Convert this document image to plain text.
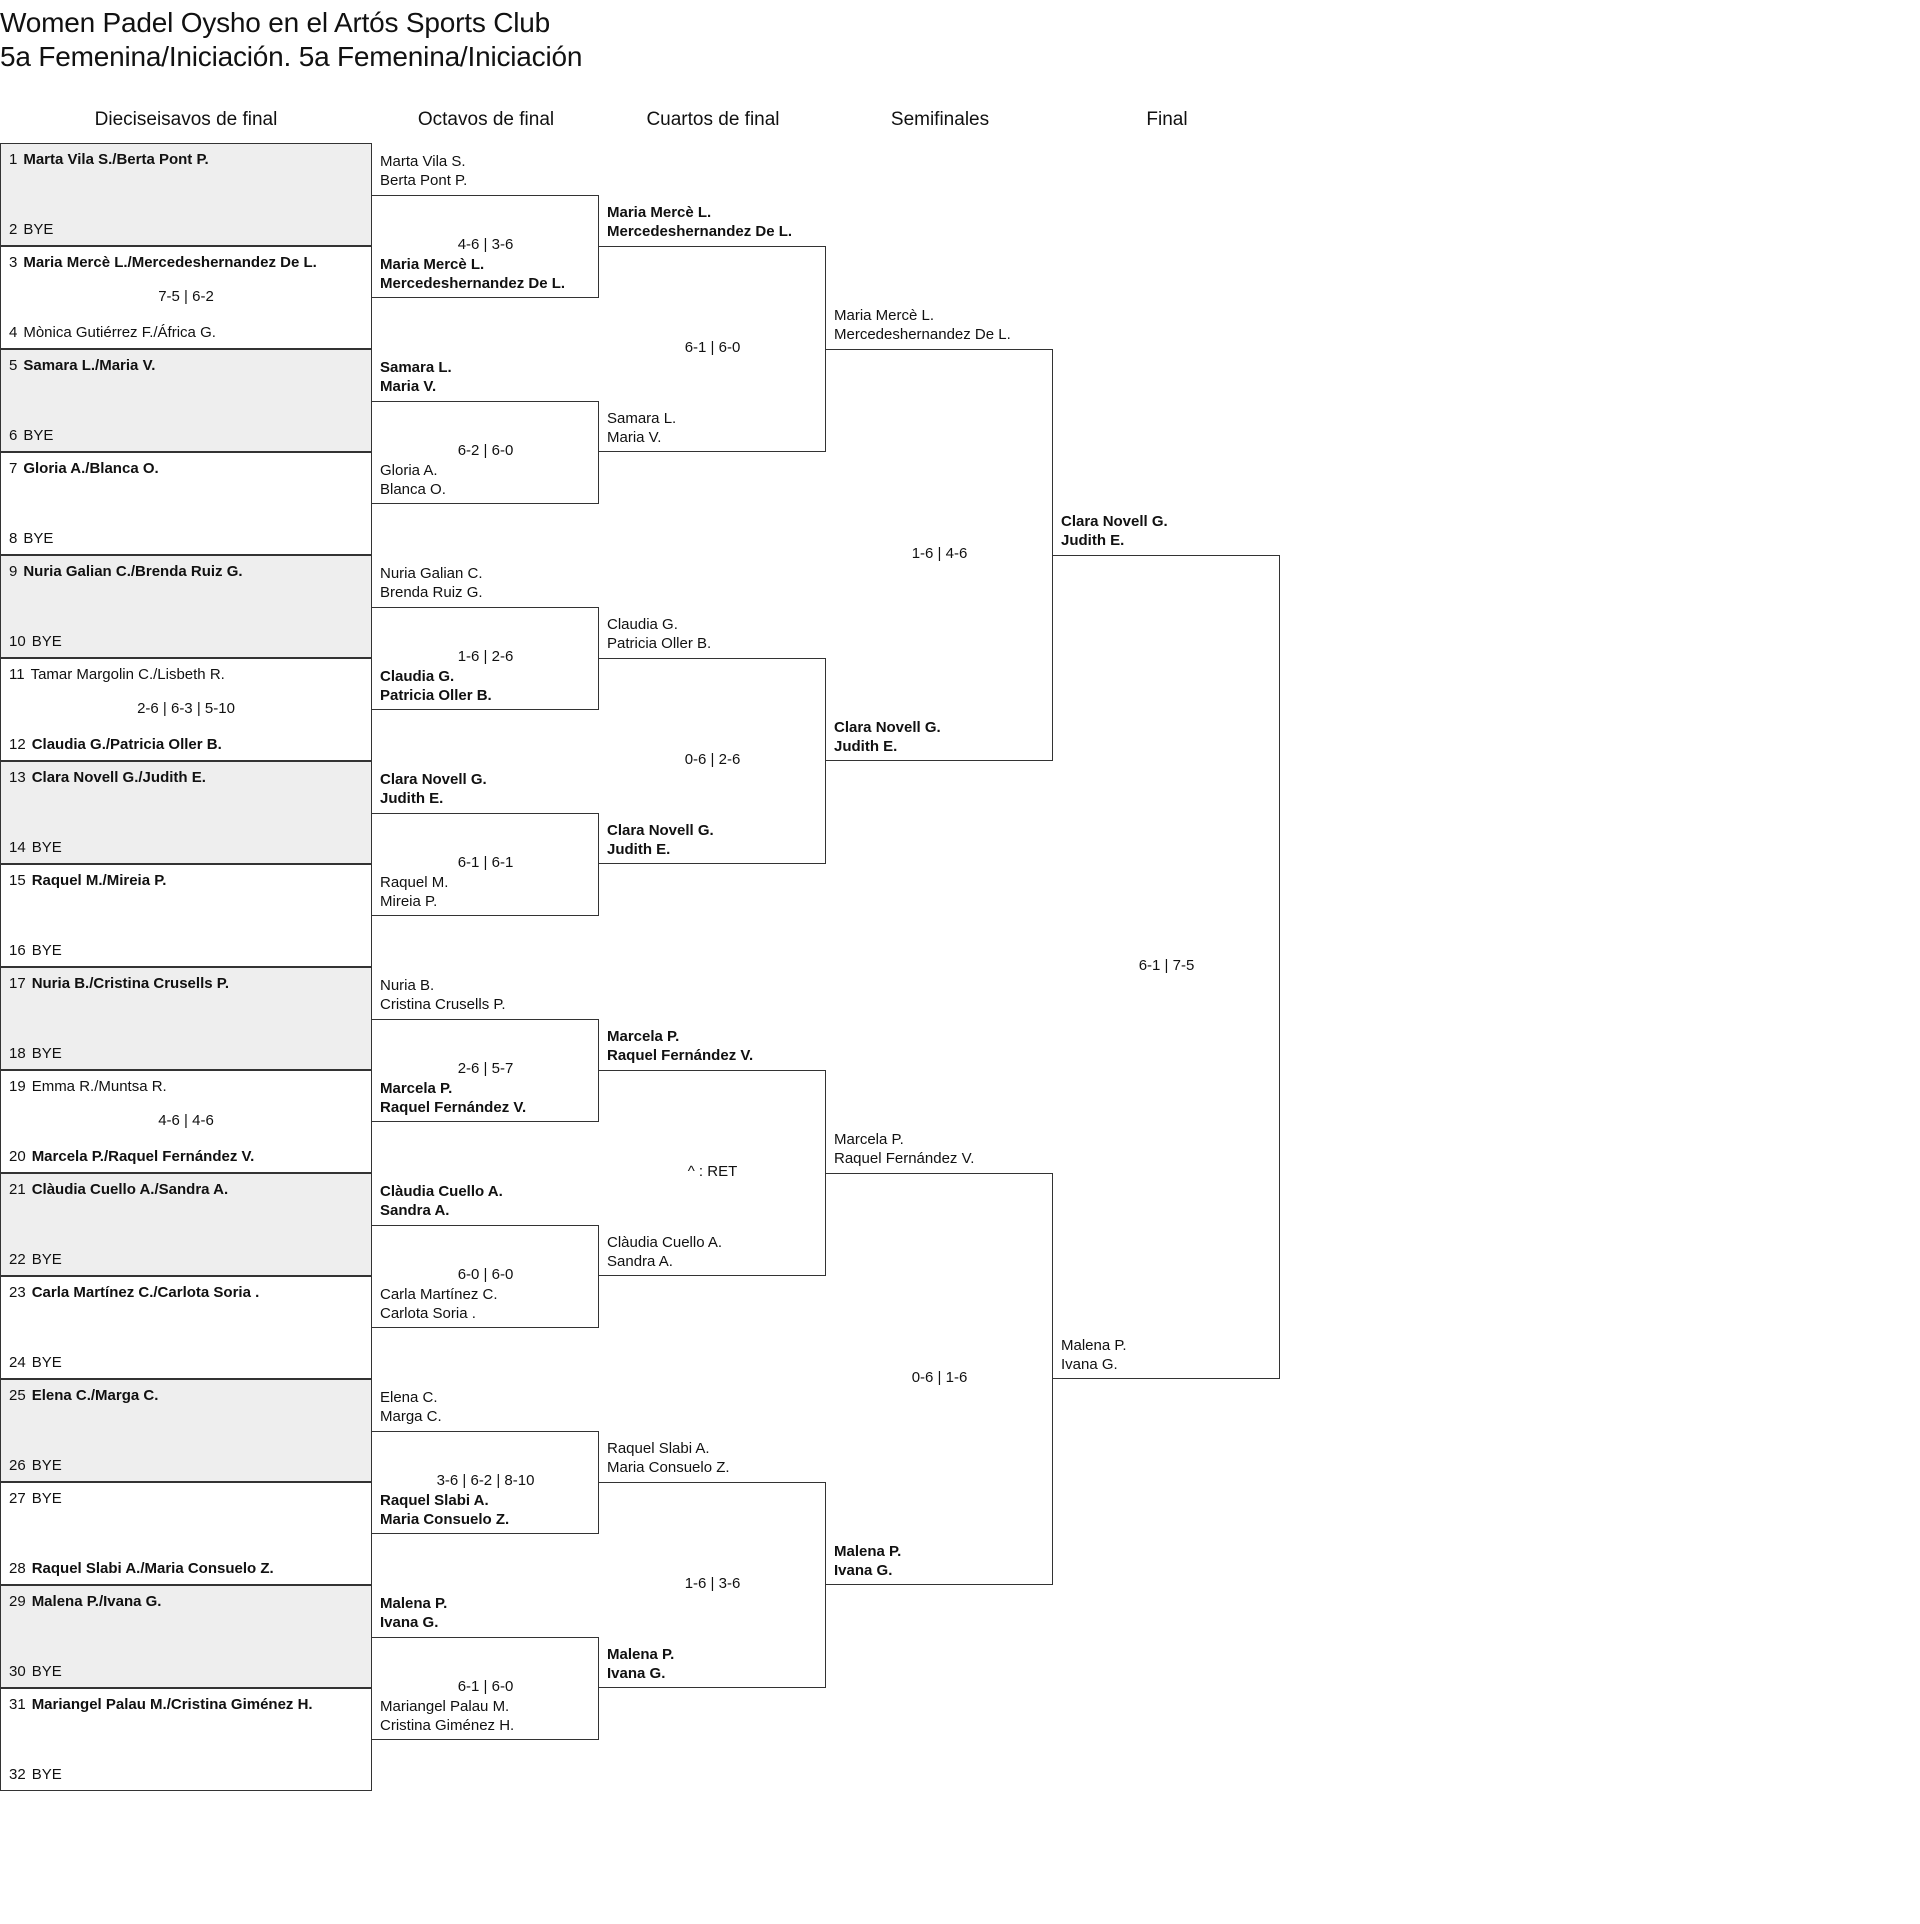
Women Padel Oysho en el Artós Sports Club
5a Femenina/Iniciación. 5a Femenina/Iniciación
Dieciseisavos de final	Octavos de final	Cuartos de final	Semifinales	Final
1 Marta Vila S./Berta Pont P.
2 BYE
3 Maria Mercè L./Mercedeshernandez De L.
7-5 | 6-2
4 Mònica Gutiérrez F./África G.
5 Samara L./Maria V.
6 BYE
7 Gloria A./Blanca O.
8 BYE
9 Nuria Galian C./Brenda Ruiz G.
10 BYE
11 Tamar Margolin C./Lisbeth R.
2-6 | 6-3 | 5-10
12 Claudia G./Patricia Oller B.
13 Clara Novell G./Judith E.
14 BYE
15 Raquel M./Mireia P.
16 BYE
17 Nuria B./Cristina Crusells P.
18 BYE
19 Emma R./Muntsa R.
4-6 | 4-6
20 Marcela P./Raquel Fernández V.
21 Clàudia Cuello A./Sandra A.
22 BYE
23 Carla Martínez C./Carlota Soria .
24 BYE
25 Elena C./Marga C.
26 BYE
27 BYE
28 Raquel Slabi A./Maria Consuelo Z.
29 Malena P./Ivana G.
30 BYE
31 Mariangel Palau M./Cristina Giménez H.
32 BYE
Marta Vila S.
Berta Pont P.
Maria Mercè L.
Mercedeshernandez De L.
4-6 | 3-6
Samara L.
Maria V.
Gloria A.
Blanca O.
6-2 | 6-0
Nuria Galian C.
Brenda Ruiz G.
Claudia G.
Patricia Oller B.
1-6 | 2-6
Clara Novell G.
Judith E.
Raquel M.
Mireia P.
6-1 | 6-1
Nuria B.
Cristina Crusells P.
Marcela P.
Raquel Fernández V.
2-6 | 5-7
Clàudia Cuello A.
Sandra A.
Carla Martínez C.
Carlota Soria .
6-0 | 6-0
Elena C.
Marga C.
Raquel Slabi A.
Maria Consuelo Z.
3-6 | 6-2 | 8-10
Malena P.
Ivana G.
Mariangel Palau M.
Cristina Giménez H.
6-1 | 6-0
Maria Mercè L.
Mercedeshernandez De L.
Samara L.
Maria V.
6-1 | 6-0
Claudia G.
Patricia Oller B.
Clara Novell G.
Judith E.
0-6 | 2-6
Marcela P.
Raquel Fernández V.
Clàudia Cuello A.
Sandra A.
^ : RET
Raquel Slabi A.
Maria Consuelo Z.
Malena P.
Ivana G.
1-6 | 3-6
Maria Mercè L.
Mercedeshernandez De L.
Clara Novell G.
Judith E.
1-6 | 4-6
Marcela P.
Raquel Fernández V.
Malena P.
Ivana G.
0-6 | 1-6
Clara Novell G.
Judith E.
Malena P.
Ivana G.
6-1 | 7-5
